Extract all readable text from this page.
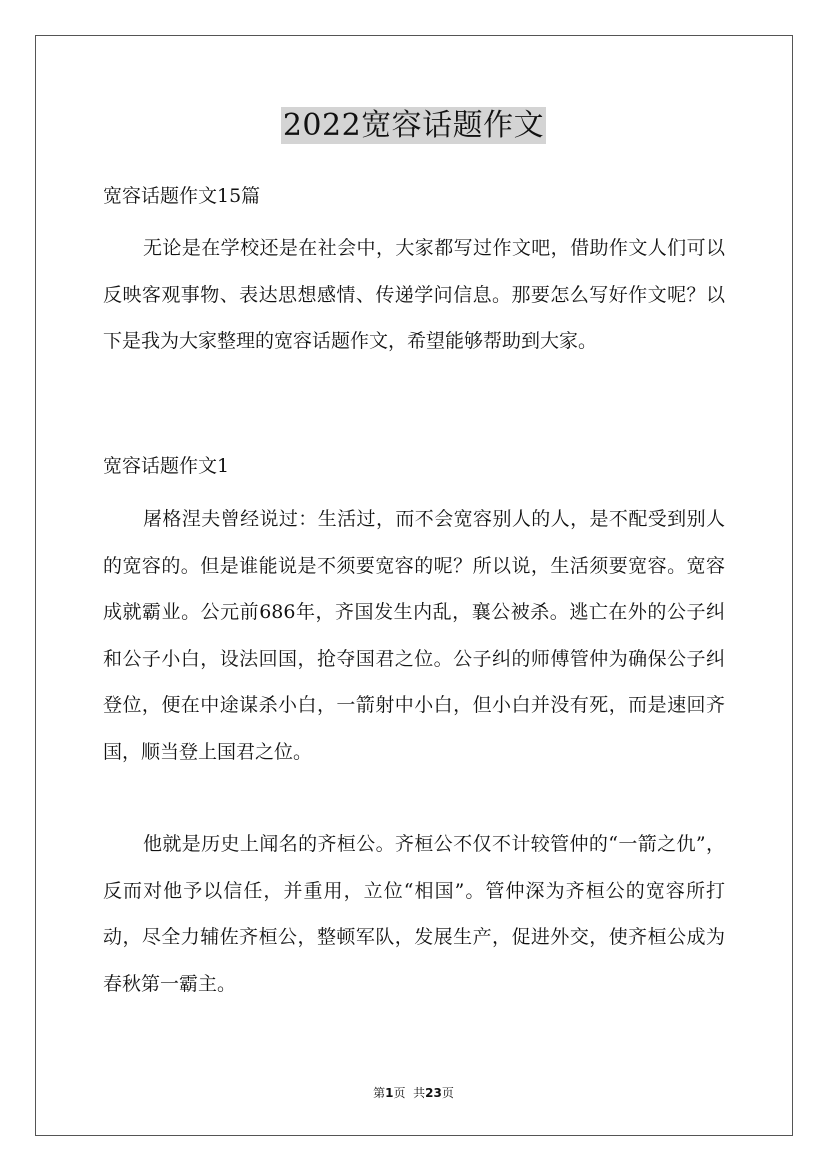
2022宽容话题作文
宽容话题作文15篇
无论是在学校还是在社会中，大家都写过作文吧，借助作文人们可以反映客观事物、表达思想感情、传递学问信息。那要怎么写好作文呢？以下是我为大家整理的宽容话题作文，希望能够帮助到大家。
宽容话题作文1
屠格涅夫曾经说过：生活过，而不会宽容别人的人，是不配受到别人的宽容的。但是谁能说是不须要宽容的呢？所以说，生活须要宽容。宽容成就霸业。公元前686年，齐国发生内乱，襄公被杀。逃亡在外的公子纠和公子小白，设法回国，抢夺国君之位。公子纠的师傅管仲为确保公子纠登位，便在中途谋杀小白，一箭射中小白，但小白并没有死，而是速回齐国，顺当登上国君之位。
他就是历史上闻名的齐桓公。齐桓公不仅不计较管仲的“一箭之仇”，反而对他予以信任，并重用，立位“相国”。管仲深为齐桓公的宽容所打动，尽全力辅佐齐桓公，整顿军队，发展生产，促进外交，使齐桓公成为春秋第一霸主。
第1页 共23页
